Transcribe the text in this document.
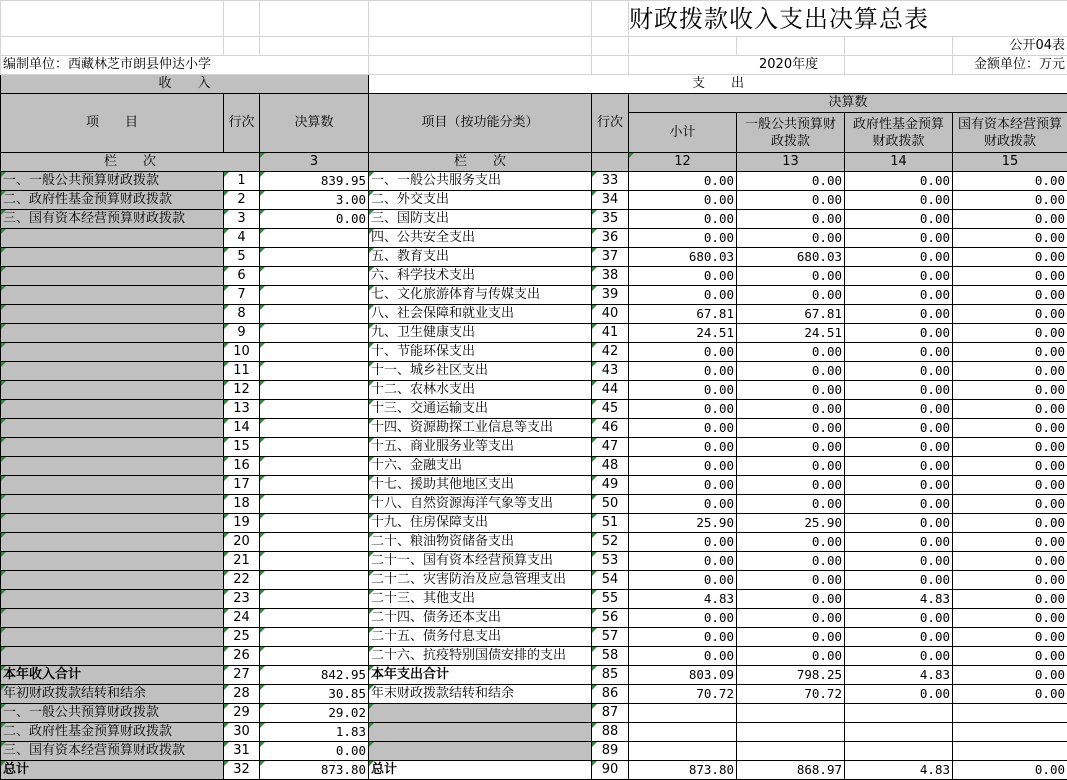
					财政拨款收入支出决算总表			
								公开04表
编制单位：西藏林芝市朗县仲达小学					2020年度			金额单位：万元
收　　入			支　　出					
项　　目	行次	决算数	项目（按功能分类）	行次	决算数			
					小计	一般公共预算财政拨款	政府性基金预算财政拨款	国有资本经营预算财政拨款
栏　　次		3	栏　　次		12	13	14	15
一、一般公共预算财政拨款	1	839.95	一、一般公共服务支出	33	0.00	0.00	0.00	0.00
二、政府性基金预算财政拨款	2	3.00	二、外交支出	34	0.00	0.00	0.00	0.00
三、国有资本经营预算财政拨款	3	0.00	三、国防支出	35	0.00	0.00	0.00	0.00
	4		四、公共安全支出	36	0.00	0.00	0.00	0.00
	5		五、教育支出	37	680.03	680.03	0.00	0.00
	6		六、科学技术支出	38	0.00	0.00	0.00	0.00
	7		七、文化旅游体育与传媒支出	39	0.00	0.00	0.00	0.00
	8		八、社会保障和就业支出	40	67.81	67.81	0.00	0.00
	9		九、卫生健康支出	41	24.51	24.51	0.00	0.00
	10		十、节能环保支出	42	0.00	0.00	0.00	0.00
	11		十一、城乡社区支出	43	0.00	0.00	0.00	0.00
	12		十二、农林水支出	44	0.00	0.00	0.00	0.00
	13		十三、交通运输支出	45	0.00	0.00	0.00	0.00
	14		十四、资源勘探工业信息等支出	46	0.00	0.00	0.00	0.00
	15		十五、商业服务业等支出	47	0.00	0.00	0.00	0.00
	16		十六、金融支出	48	0.00	0.00	0.00	0.00
	17		十七、援助其他地区支出	49	0.00	0.00	0.00	0.00
	18		十八、自然资源海洋气象等支出	50	0.00	0.00	0.00	0.00
	19		十九、住房保障支出	51	25.90	25.90	0.00	0.00
	20		二十、粮油物资储备支出	52	0.00	0.00	0.00	0.00
	21		二十一、国有资本经营预算支出	53	0.00	0.00	0.00	0.00
	22		二十二、灾害防治及应急管理支出	54	0.00	0.00	0.00	0.00
	23		二十三、其他支出	55	4.83	0.00	4.83	0.00
	24		二十四、债务还本支出	56	0.00	0.00	0.00	0.00
	25		二十五、债务付息支出	57	0.00	0.00	0.00	0.00
	26		二十六、抗疫特别国债安排的支出	58	0.00	0.00	0.00	0.00
本年收入合计	27	842.95	本年支出合计	85	803.09	798.25	4.83	0.00
年初财政拨款结转和结余	28	30.85	年末财政拨款结转和结余	86	70.72	70.72	0.00	0.00
一、一般公共预算财政拨款	29	29.02		87				
二、政府性基金预算财政拨款	30	1.83		88				
三、国有资本经营预算财政拨款	31	0.00		89				
总计	32	873.80	总计	90	873.80	868.97	4.83	0.00
